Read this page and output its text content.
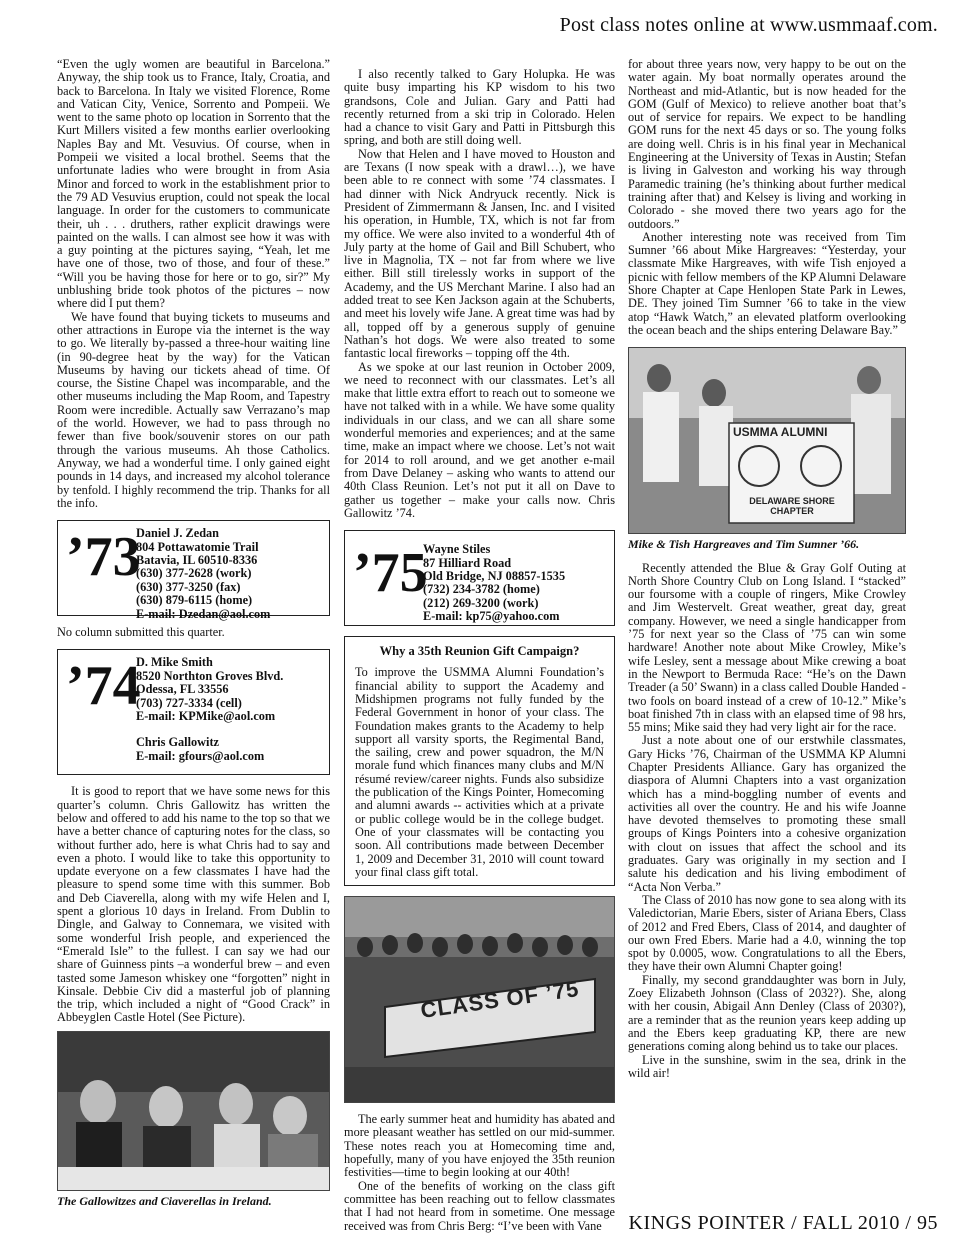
Post class notes online at www.usmmaaf.com.

“Even the ugly women are beautiful in Barcelona.” Anyway, the ship took us to France, Italy, Croatia, and back to Barcelona. In Italy we visited Florence, Rome and Vatican City, Venice, Sorrento and Pompeii. We went to the same photo op location in Sorrento that the Kurt Millers visited a few months earlier overlooking Naples Bay and Mt. Vesuvius. Of course, when in Pompeii we visited a local brothel. Seems that the unfortunate ladies who were brought in from Asia Minor and forced to work in the establishment prior to the 79 AD Vesuvius eruption, could not speak the local language. In order for the customers to communicate their, uh . . . druthers, rather explicit drawings were painted on the walls. I can almost see how it was with a guy pointing at the pictures saying, “Yeah, let me have one of those, two of those, and four of these.” “Will you be having those for here or to go, sir?” My unblushing bride took photos of the pictures – now where did I put them?

We have found that buying tickets to museums and other attractions in Europe via the internet is the way to go. We literally by-passed a three-hour waiting line (in 90-degree heat by the way) for the Vatican Museums by having our tickets ahead of time. Of course, the Sistine Chapel was incomparable, and the other museums including the Map Room, and Tapestry Room were incredible. Actually saw Verrazano’s map of the world. However, we had to pass through no fewer than five book/souvenir stores on our path through the various museums. Ah those Catholics. Anyway, we had a wonderful time. I only gained eight pounds in 14 days, and increased my alcohol tolerance by tenfold. I highly recommend the trip. Thanks for all the info.

’73
Daniel J. Zedan
804 Pottawatomie Trail
Batavia, IL 60510-8336
(630) 377-2628 (work)
(630) 377-3250 (fax)
(630) 879-6115 (home)
E-mail: Dzedan@aol.com

No column submitted this quarter.

’74
D. Mike Smith
8520 Northton Groves Blvd.
Odessa, FL 33556
(703) 727-3334 (cell)
E-mail: KPMike@aol.com
Chris Gallowitz
E-mail: gfours@aol.com

It is good to report that we have some news for this quarter’s column. Chris Gallowitz has written the below and offered to add his name to the top so that we have a better chance of capturing notes for the class, so without further ado, here is what Chris had to say and even a photo. I would like to take this opportunity to update everyone on a few classmates I have had the pleasure to spend some time with this summer. Bob and Deb Ciaverella, along with my wife Helen and I, spent a glorious 10 days in Ireland. From Dublin to Dingle, and Galway to Connemara, we visited with some wonderful Irish people, and experienced the “Emerald Isle” to the fullest. I can say we had our share of Guinness pints –a wonderful brew – and even tasted some Jameson whiskey one “forgotten” night in Kinsale. Debbie Civ did a masterful job of planning the trip, which included a night of “Good Crack” in Abbeyglen Castle Hotel (See Picture).

The Gallowitzes and Ciaverellas in Ireland.

I also recently talked to Gary Holupka. He was quite busy imparting his KP wisdom to his two grandsons, Cole and Julian. Gary and Patti had recently returned from a ski trip in Colorado. Helen had a chance to visit Gary and Patti in Pittsburgh this spring, and both are still doing well.

Now that Helen and I have moved to Houston and are Texans (I now speak with a drawl…), we have been able to re connect with some ’74 classmates. I had dinner with Nick Andryuck recently. Nick is President of Zimmermann & Jansen, Inc. and I visited his operation, in Humble, TX, which is not far from my office. We were also invited to a wonderful 4th of July party at the home of Gail and Bill Schubert, who live in Magnolia, TX – not far from where we live either. Bill still tirelessly works in support of the Academy, and the US Merchant Marine. I also had an added treat to see Ken Jackson again at the Schuberts, and meet his lovely wife Jane. A great time was had by all, topped off by a generous supply of genuine Nathan’s hot dogs. We were also treated to some fantastic local fireworks – topping off the 4th.

As we spoke at our last reunion in October 2009, we need to reconnect with our classmates. Let’s all make that little extra effort to reach out to someone we have not talked with in a while. We have some quality individuals in our class, and we can all share some wonderful memories and experiences; and at the same time, make an impact where we choose. Let’s not wait for 2014 to roll around, and we get another e-mail from Dave Delaney – asking who wants to attend our 40th Class Reunion. Let’s not put it all on Dave to gather us together – make your calls now. Chris Gallowitz ’74.

’75
Wayne Stiles
87 Hilliard Road
Old Bridge, NJ 08857-1535
(732) 234-3782 (home)
(212) 269-3200 (work)
E-mail: kp75@yahoo.com
Why a 35th Reunion Gift Campaign?

To improve the USMMA Alumni Foundation’s financial ability to support the Academy and Midshipmen programs not fully funded by the Federal Government in honor of your class. The Foundation makes grants to the Academy to help support all varsity sports, the Regimental Band, the sailing, crew and power squadron, the M/N morale fund which finances many clubs and M/N résumé review/career nights. Funds also subsidize the publication of the Kings Pointer, Homecoming and alumni awards -- activities which at a private or public college would be in the college budget. One of your classmates will be contacting you soon. All contributions made between December 1, 2009 and December 31, 2010 will count toward your final class gift total.

CLASS OF ’75

The early summer heat and humidity has abated and more pleasant weather has settled on our mid-summer. These notes reach you at Homecoming time and, hopefully, many of you have enjoyed the 35th reunion festivities—time to begin looking at our 40th!

One of the benefits of working on the class gift committee has been reaching out to fellow classmates that I had not heard from in sometime. One message received was from Chris Berg: “I’ve been with Vane

for about three years now, very happy to be out on the water again. My boat normally operates around the Northeast and mid-Atlantic, but is now headed for the GOM (Gulf of Mexico) to relieve another boat that’s out of service for repairs. We expect to be handling GOM runs for the next 45 days or so. The young folks are doing well. Chris is in his final year in Mechanical Engineering at the University of Texas in Austin; Stefan is living in Galveston and working his way through Paramedic training (he’s thinking about further medical training after that) and Kelsey is living and working in Colorado - she moved there two years ago for the outdoors.”

Another interesting note was received from Tim Sumner ’66 about Mike Hargreaves: “Yesterday, your classmate Mike Hargreaves, with wife Tish enjoyed a picnic with fellow members of the KP Alumni Delaware Shore Chapter at Cape Henlopen State Park in Lewes, DE. They joined Tim Sumner ’66 to take in the view atop “Hawk Watch,” an elevated platform overlooking the ocean beach and the ships entering Delaware Bay.”

USMMA ALUMNI
DELAWARE SHORE CHAPTER
Mike & Tish Hargreaves and Tim Sumner ’66.

Recently attended the Blue & Gray Golf Outing at North Shore Country Club on Long Island. I “stacked” our foursome with a couple of ringers, Mike Crowley and Jim Westervelt. Great weather, great day, great company. However, we need a single handicapper from ’75 for next year so the Class of ’75 can win some hardware! Another note about Mike Crowley, Mike’s wife Lesley, sent a message about Mike crewing a boat in the Newport to Bermuda Race: “He’s on the Dawn Treader (a 50’ Swann) in a class called Double Handed - two fools on board instead of a crew of 10-12.” Mike’s boat finished 7th in class with an elapsed time of 98 hrs, 55 mins; Mike said they had very light air for the race.

Just a note about one of our erstwhile classmates, Gary Hicks ’76, Chairman of the USMMA KP Alumni Chapter Presidents Alliance. Gary has organized the diaspora of Alumni Chapters into a vast organization which has a mind-boggling number of events and activities all over the country. He and his wife Joanne have devoted themselves to promoting these small groups of Kings Pointers into a cohesive organization with clout on issues that affect the school and its graduates. Gary was originally in my section and I salute his dedication and his living embodiment of “Acta Non Verba.”

The Class of 2010 has now gone to sea along with its Valedictorian, Marie Ebers, sister of Ariana Ebers, Class of 2012 and Fred Ebers, Class of 2014, and daughter of our own Fred Ebers. Marie had a 4.0, winning the top spot by 0.0005, wow. Congratulations to all the Ebers, they have their own Alumni Chapter going!

Finally, my second granddaughter was born in July, Zoey Elizabeth Johnson (Class of 2032?). She, along with her cousin, Abigail Ann Denley (Class of 2030?), are a reminder that as the reunion years keep adding up and the Ebers keep graduating KP, there are new generations coming along behind us to take our places.

Live in the sunshine, swim in the sea, drink in the wild air!

KINGS POINTER / FALL 2010 / 95
